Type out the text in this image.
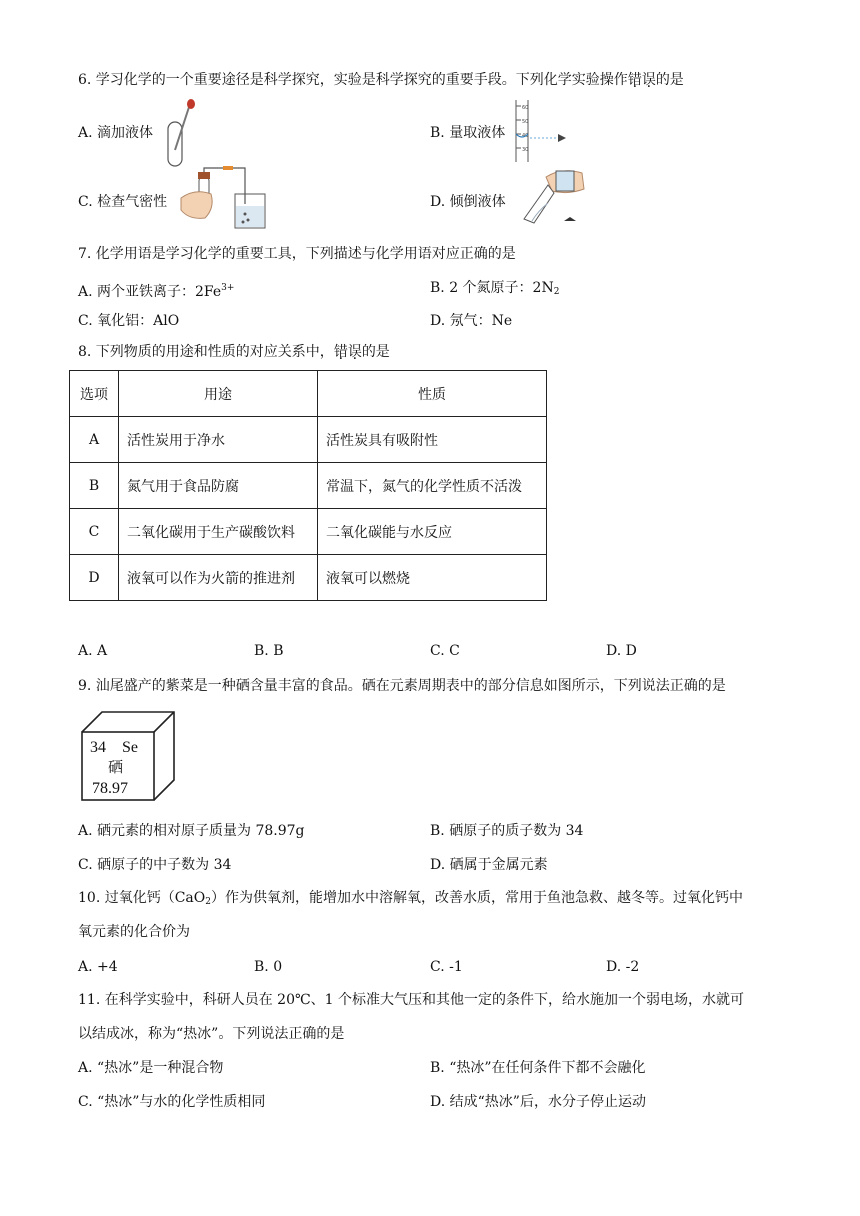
6. 学习化学的一个重要途径是科学探究，实验是科学探究的重要手段。下列化学实验操作错误的是
A. 滴加液体	B. 量取液体
60
50
40
30
C. 检查气密性	D. 倾倒液体
7. 化学用语是学习化学的重要工具，下列描述与化学用语对应正确的是
A. 两个亚铁离子：$2Fe^{3+}$	B. 2 个氮原子：$2N_2$
C. 氧化铝：AlO	D. 氖气：Ne
8. 下列物质的用途和性质的对应关系中，错误的是
选项	用途	性质
A	活性炭用于净水	活性炭具有吸附性
B	氮气用于食品防腐	常温下，氮气的化学性质不活泼
C	二氧化碳用于生产碳酸饮料	二氧化碳能与水反应
D	液氧可以作为火箭的推进剂	液氧可以燃烧
A. A	B. B	C. C	D. D
9. 汕尾盛产的紫菜是一种硒含量丰富的食品。硒在元素周期表中的部分信息如图所示，下列说法正确的是
34 Se
硒
78.97
A. 硒元素的相对原子质量为 78.97g	B. 硒原子的质子数为 34
C. 硒原子的中子数为 34	D. 硒属于金属元素
10. 过氧化钙（CaO$_2$）作为供氧剂，能增加水中溶解氧，改善水质，常用于鱼池急救、越冬等。过氧化钙中
氧元素的化合价为
A. +4	B. 0	C. -1	D. -2
11. 在科学实验中，科研人员在 20℃、1 个标准大气压和其他一定的条件下，给水施加一个弱电场，水就可
以结成冰，称为“热冰”。下列说法正确的是
A. “热冰”是一种混合物	B. “热冰”在任何条件下都不会融化
C. “热冰”与水的化学性质相同	D. 结成“热冰”后，水分子停止运动
